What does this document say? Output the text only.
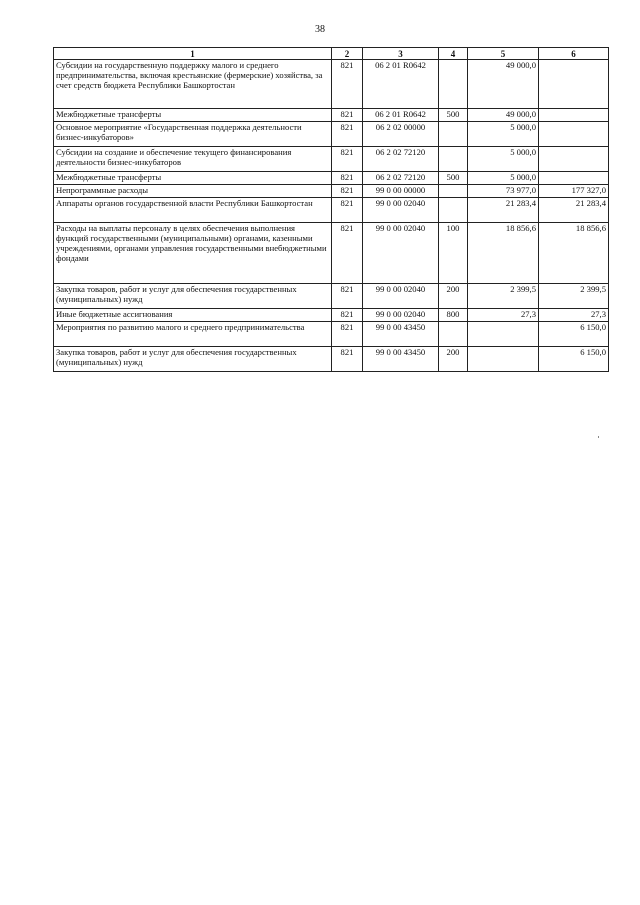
38
1	2	3	4	5	6
Субсидии на государственную поддержку малого и среднего предпринимательства, включая крестьянские (фермерские) хозяйства, за счет средств бюджета Республики Башкортостан	821	06 2 01 R0642		49 000,0	
Межбюджетные трансферты	821	06 2 01 R0642	500	49 000,0	
Основное мероприятие «Государственная поддержка деятельности бизнес-инкубаторов»	821	06 2 02 00000		5 000,0	
Субсидии на создание и обеспечение текущего финансирования деятельности бизнес-инкубаторов	821	06 2 02 72120		5 000,0	
Межбюджетные трансферты	821	06 2 02 72120	500	5 000,0	
Непрограммные расходы	821	99 0 00 00000		73 977,0	177 327,0
Аппараты органов государственной власти Республики Башкортостан	821	99 0 00 02040		21 283,4	21 283,4
Расходы на выплаты персоналу в целях обеспечения выполнения функций государственными (муниципальными) органами, казенными учреждениями, органами управления государственными внебюджетными фондами	821	99 0 00 02040	100	18 856,6	18 856,6
Закупка товаров, работ и услуг для обеспечения государственных (муниципальных) нужд	821	99 0 00 02040	200	2 399,5	2 399,5
Иные бюджетные ассигнования	821	99 0 00 02040	800	27,3	27,3
Мероприятия по развитию малого и среднего предпринимательства	821	99 0 00 43450			6 150,0
Закупка товаров, работ и услуг для обеспечения государственных (муниципальных) нужд	821	99 0 00 43450	200		6 150,0
